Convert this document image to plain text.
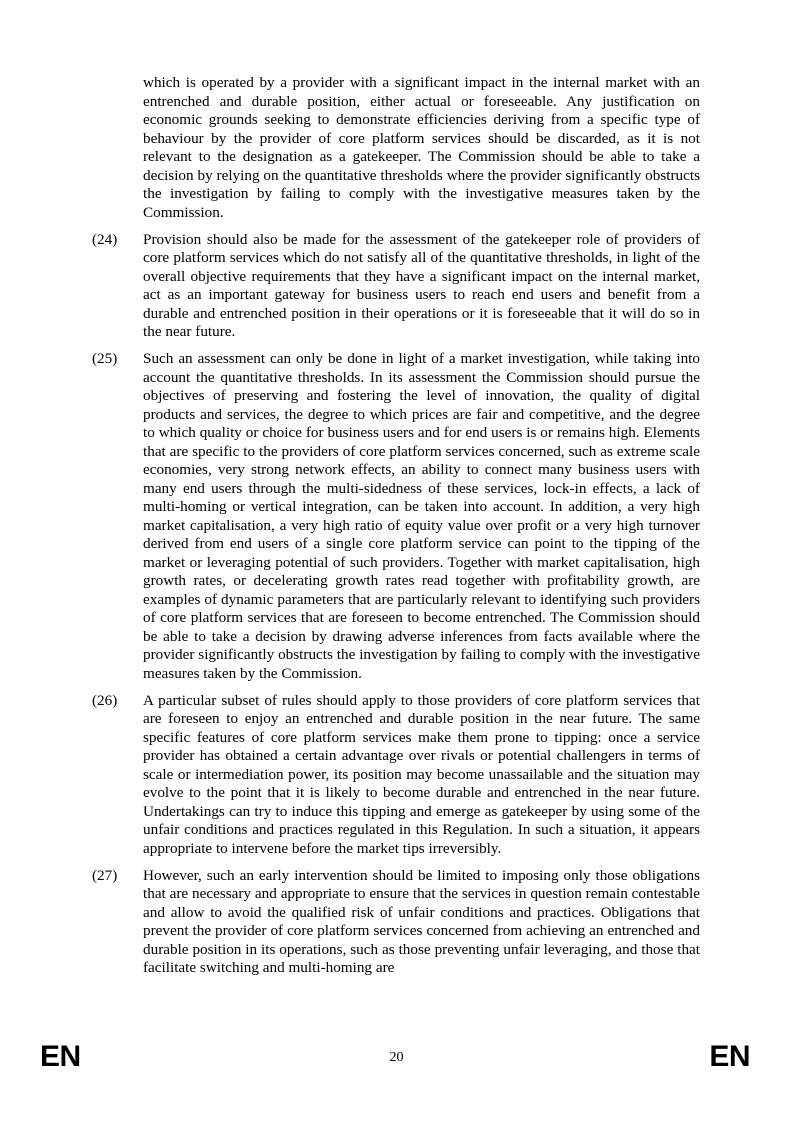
which is operated by a provider with a significant impact in the internal market with an entrenched and durable position, either actual or foreseeable. Any justification on economic grounds seeking to demonstrate efficiencies deriving from a specific type of behaviour by the provider of core platform services should be discarded, as it is not relevant to the designation as a gatekeeper. The Commission should be able to take a decision by relying on the quantitative thresholds where the provider significantly obstructs the investigation by failing to comply with the investigative measures taken by the Commission.
(24)	Provision should also be made for the assessment of the gatekeeper role of providers of core platform services which do not satisfy all of the quantitative thresholds, in light of the overall objective requirements that they have a significant impact on the internal market, act as an important gateway for business users to reach end users and benefit from a durable and entrenched position in their operations or it is foreseeable that it will do so in the near future.
(25)	Such an assessment can only be done in light of a market investigation, while taking into account the quantitative thresholds. In its assessment the Commission should pursue the objectives of preserving and fostering the level of innovation, the quality of digital products and services, the degree to which prices are fair and competitive, and the degree to which quality or choice for business users and for end users is or remains high. Elements that are specific to the providers of core platform services concerned, such as extreme scale economies, very strong network effects, an ability to connect many business users with many end users through the multi-sidedness of these services, lock-in effects, a lack of multi-homing or vertical integration, can be taken into account. In addition, a very high market capitalisation, a very high ratio of equity value over profit or a very high turnover derived from end users of a single core platform service can point to the tipping of the market or leveraging potential of such providers. Together with market capitalisation, high growth rates, or decelerating growth rates read together with profitability growth, are examples of dynamic parameters that are particularly relevant to identifying such providers of core platform services that are foreseen to become entrenched. The Commission should be able to take a decision by drawing adverse inferences from facts available where the provider significantly obstructs the investigation by failing to comply with the investigative measures taken by the Commission.
(26)	A particular subset of rules should apply to those providers of core platform services that are foreseen to enjoy an entrenched and durable position in the near future. The same specific features of core platform services make them prone to tipping: once a service provider has obtained a certain advantage over rivals or potential challengers in terms of scale or intermediation power, its position may become unassailable and the situation may evolve to the point that it is likely to become durable and entrenched in the near future. Undertakings can try to induce this tipping and emerge as gatekeeper by using some of the unfair conditions and practices regulated in this Regulation. In such a situation, it appears appropriate to intervene before the market tips irreversibly.
(27)	However, such an early intervention should be limited to imposing only those obligations that are necessary and appropriate to ensure that the services in question remain contestable and allow to avoid the qualified risk of unfair conditions and practices. Obligations that prevent the provider of core platform services concerned from achieving an entrenched and durable position in its operations, such as those preventing unfair leveraging, and those that facilitate switching and multi-homing are
EN	20	EN
